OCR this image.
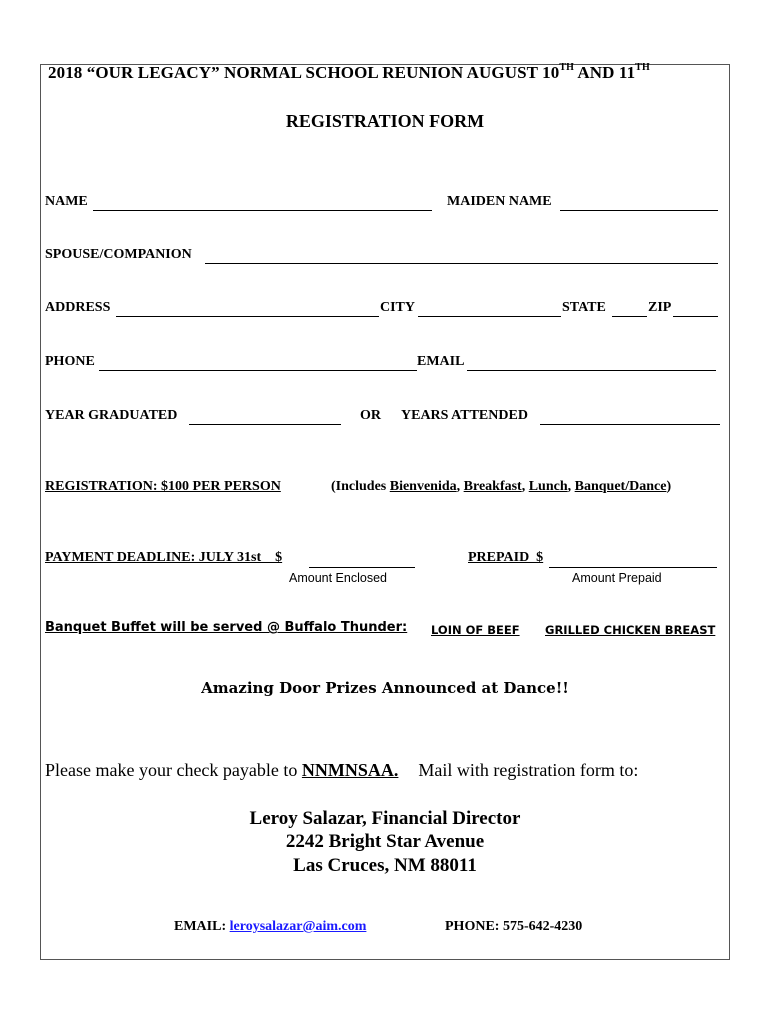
2018 “OUR LEGACY” NORMAL SCHOOL REUNION AUGUST 10TH AND 11TH
REGISTRATION FORM
NAME	MAIDEN NAME
SPOUSE/COMPANION
ADDRESS	CITY	STATE	ZIP
PHONE	EMAIL
YEAR GRADUATED	OR YEARS ATTENDED
REGISTRATION: $100 PER PERSON	(Includes Bienvenida, Breakfast, Lunch, Banquet/Dance)
PAYMENT DEADLINE: JULY 31st__$
Amount Enclosed
PREPAID_$
Amount Prepaid
Banquet Buffet will be served @ Buffalo Thunder: LOIN OF BEEF GRILLED CHICKEN BREAST
Amazing Door Prizes Announced at Dance!!
Please make your check payable to NNMNSAA. Mail with registration form to:
Leroy Salazar, Financial Director
2242 Bright Star Avenue
Las Cruces, NM 88011
EMAIL: leroysalazar@aim.com	PHONE: 575-642-4230
